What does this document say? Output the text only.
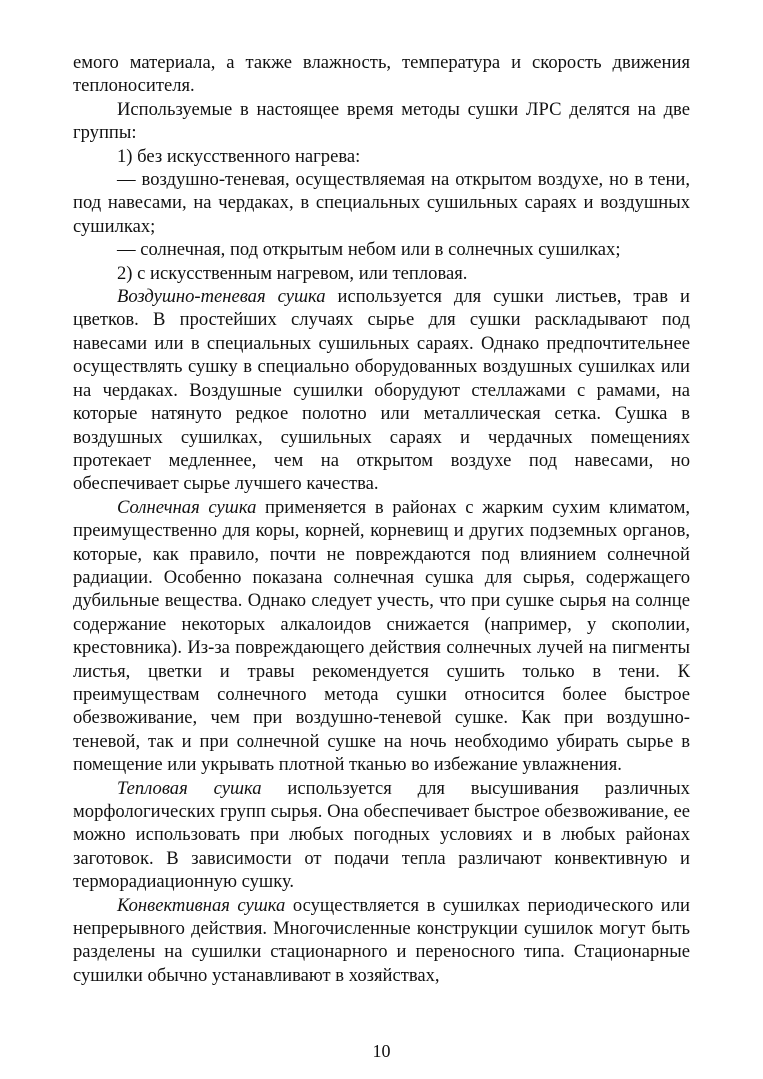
емого материала, а также влажность, температура и скорость движения теплоносителя.

Используемые в настоящее время методы сушки ЛРС делятся на две группы:

1) без искусственного нагрева:

— воздушно-теневая, осуществляемая на открытом воздухе, но в тени, под навесами, на чердаках, в специальных сушильных сараях и воздушных сушилках;

— солнечная, под открытым небом или в солнечных сушилках;

2) с искусственным нагревом, или тепловая.

Воздушно-теневая сушка используется для сушки листьев, трав и цветков. В простейших случаях сырье для сушки раскладывают под навесами или в специальных сушильных сараях. Однако предпочтительнее осуществлять сушку в специально оборудованных воздушных сушилках или на чердаках. Воздушные сушилки оборудуют стеллажами с рамами, на которые натянуто редкое полотно или металлическая сетка. Сушка в воздушных сушилках, сушильных сараях и чердачных помещениях протекает медленнее, чем на открытом воздухе под навесами, но обеспечивает сырье лучшего качества.

Солнечная сушка применяется в районах с жарким сухим климатом, преимущественно для коры, корней, корневищ и других подземных органов, которые, как правило, почти не повреждаются под влиянием солнечной радиации. Особенно показана солнечная сушка для сырья, содержащего дубильные вещества. Однако следует учесть, что при сушке сырья на солнце содержание некоторых алкалоидов снижается (например, у скополии, крестовника). Из-за повреждающего действия солнечных лучей на пигменты листья, цветки и травы рекомендуется сушить только в тени. К преимуществам солнечного метода сушки относится более быстрое обезвоживание, чем при воздушно-теневой сушке. Как при воздушно-теневой, так и при солнечной сушке на ночь необходимо убирать сырье в помещение или укрывать плотной тканью во избежание увлажнения.

Тепловая сушка используется для высушивания различных морфологических групп сырья. Она обеспечивает быстрое обезвоживание, ее можно использовать при любых погодных условиях и в любых районах заготовок. В зависимости от подачи тепла различают конвективную и терморадиационную сушку.

Конвективная сушка осуществляется в сушилках периодического или непрерывного действия. Многочисленные конструкции сушилок могут быть разделены на сушилки стационарного и переносного типа. Стационарные сушилки обычно устанавливают в хозяйствах,

10
